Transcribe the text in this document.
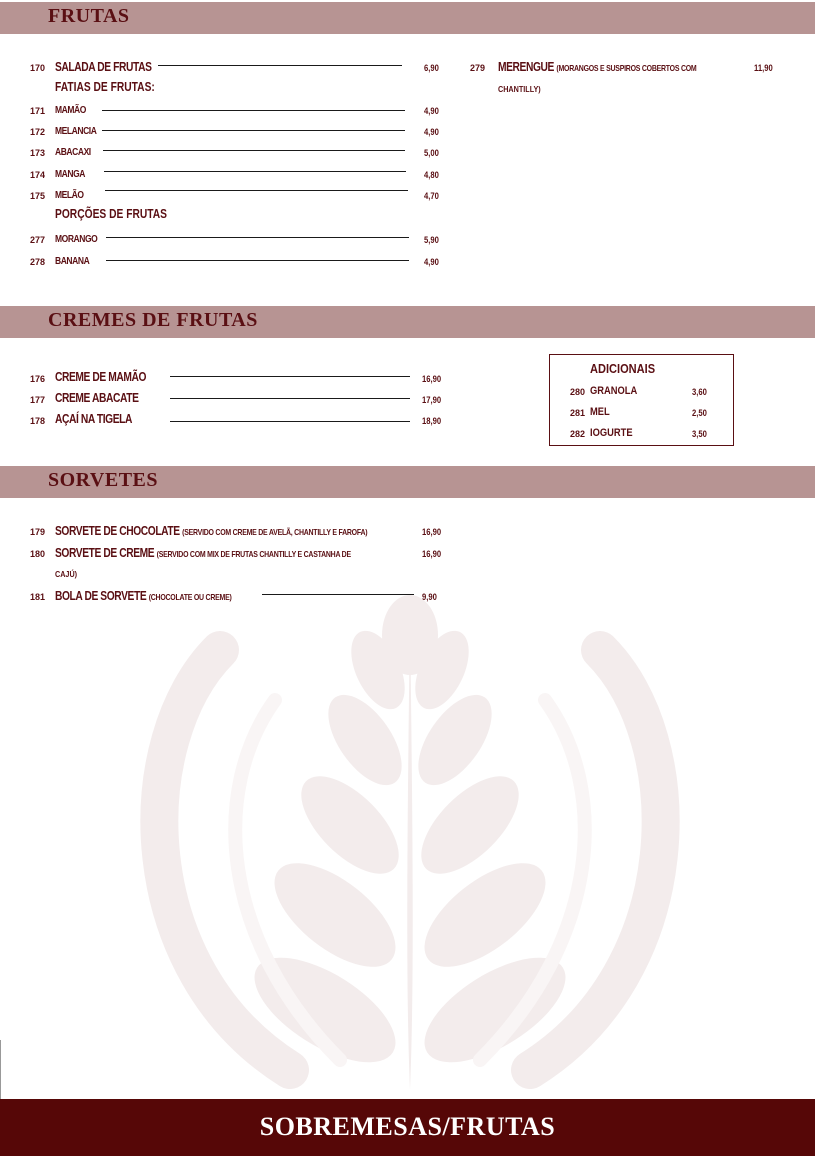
FRUTAS
170 SALADA DE FRUTAS	6,90
FATIAS DE FRUTAS:
171 MAMÃO	4,90
172 MELANCIA	4,90
173 ABACAXI	5,00
174 MANGA	4,80
175 MELÃO	4,70
PORÇÕES DE FRUTAS
277 MORANGO	5,90
278 BANANA	4,90
279 MERENGUE (MORANGOS E SUSPIROS COBERTOS COM	11,90
CHANTILLY)
CREMES DE FRUTAS
176 CREME DE MAMÃO	16,90
177 CREME ABACATE	17,90
178 AÇAÍ NA TIGELA	18,90
ADICIONAIS
280 GRANOLA	3,60
281 MEL	2,50
282 IOGURTE	3,50
SORVETES
179 SORVETE DE CHOCOLATE (SERVIDO COM CREME DE AVELÃ, CHANTILLY E FAROFA)	16,90
180 SORVETE DE CREME (SERVIDO COM MIX DE FRUTAS CHANTILLY E CASTANHA DE	16,90
CAJÚ)
181 BOLA DE SORVETE (CHOCOLATE OU CREME)	9,90
SOBREMESAS/FRUTAS
